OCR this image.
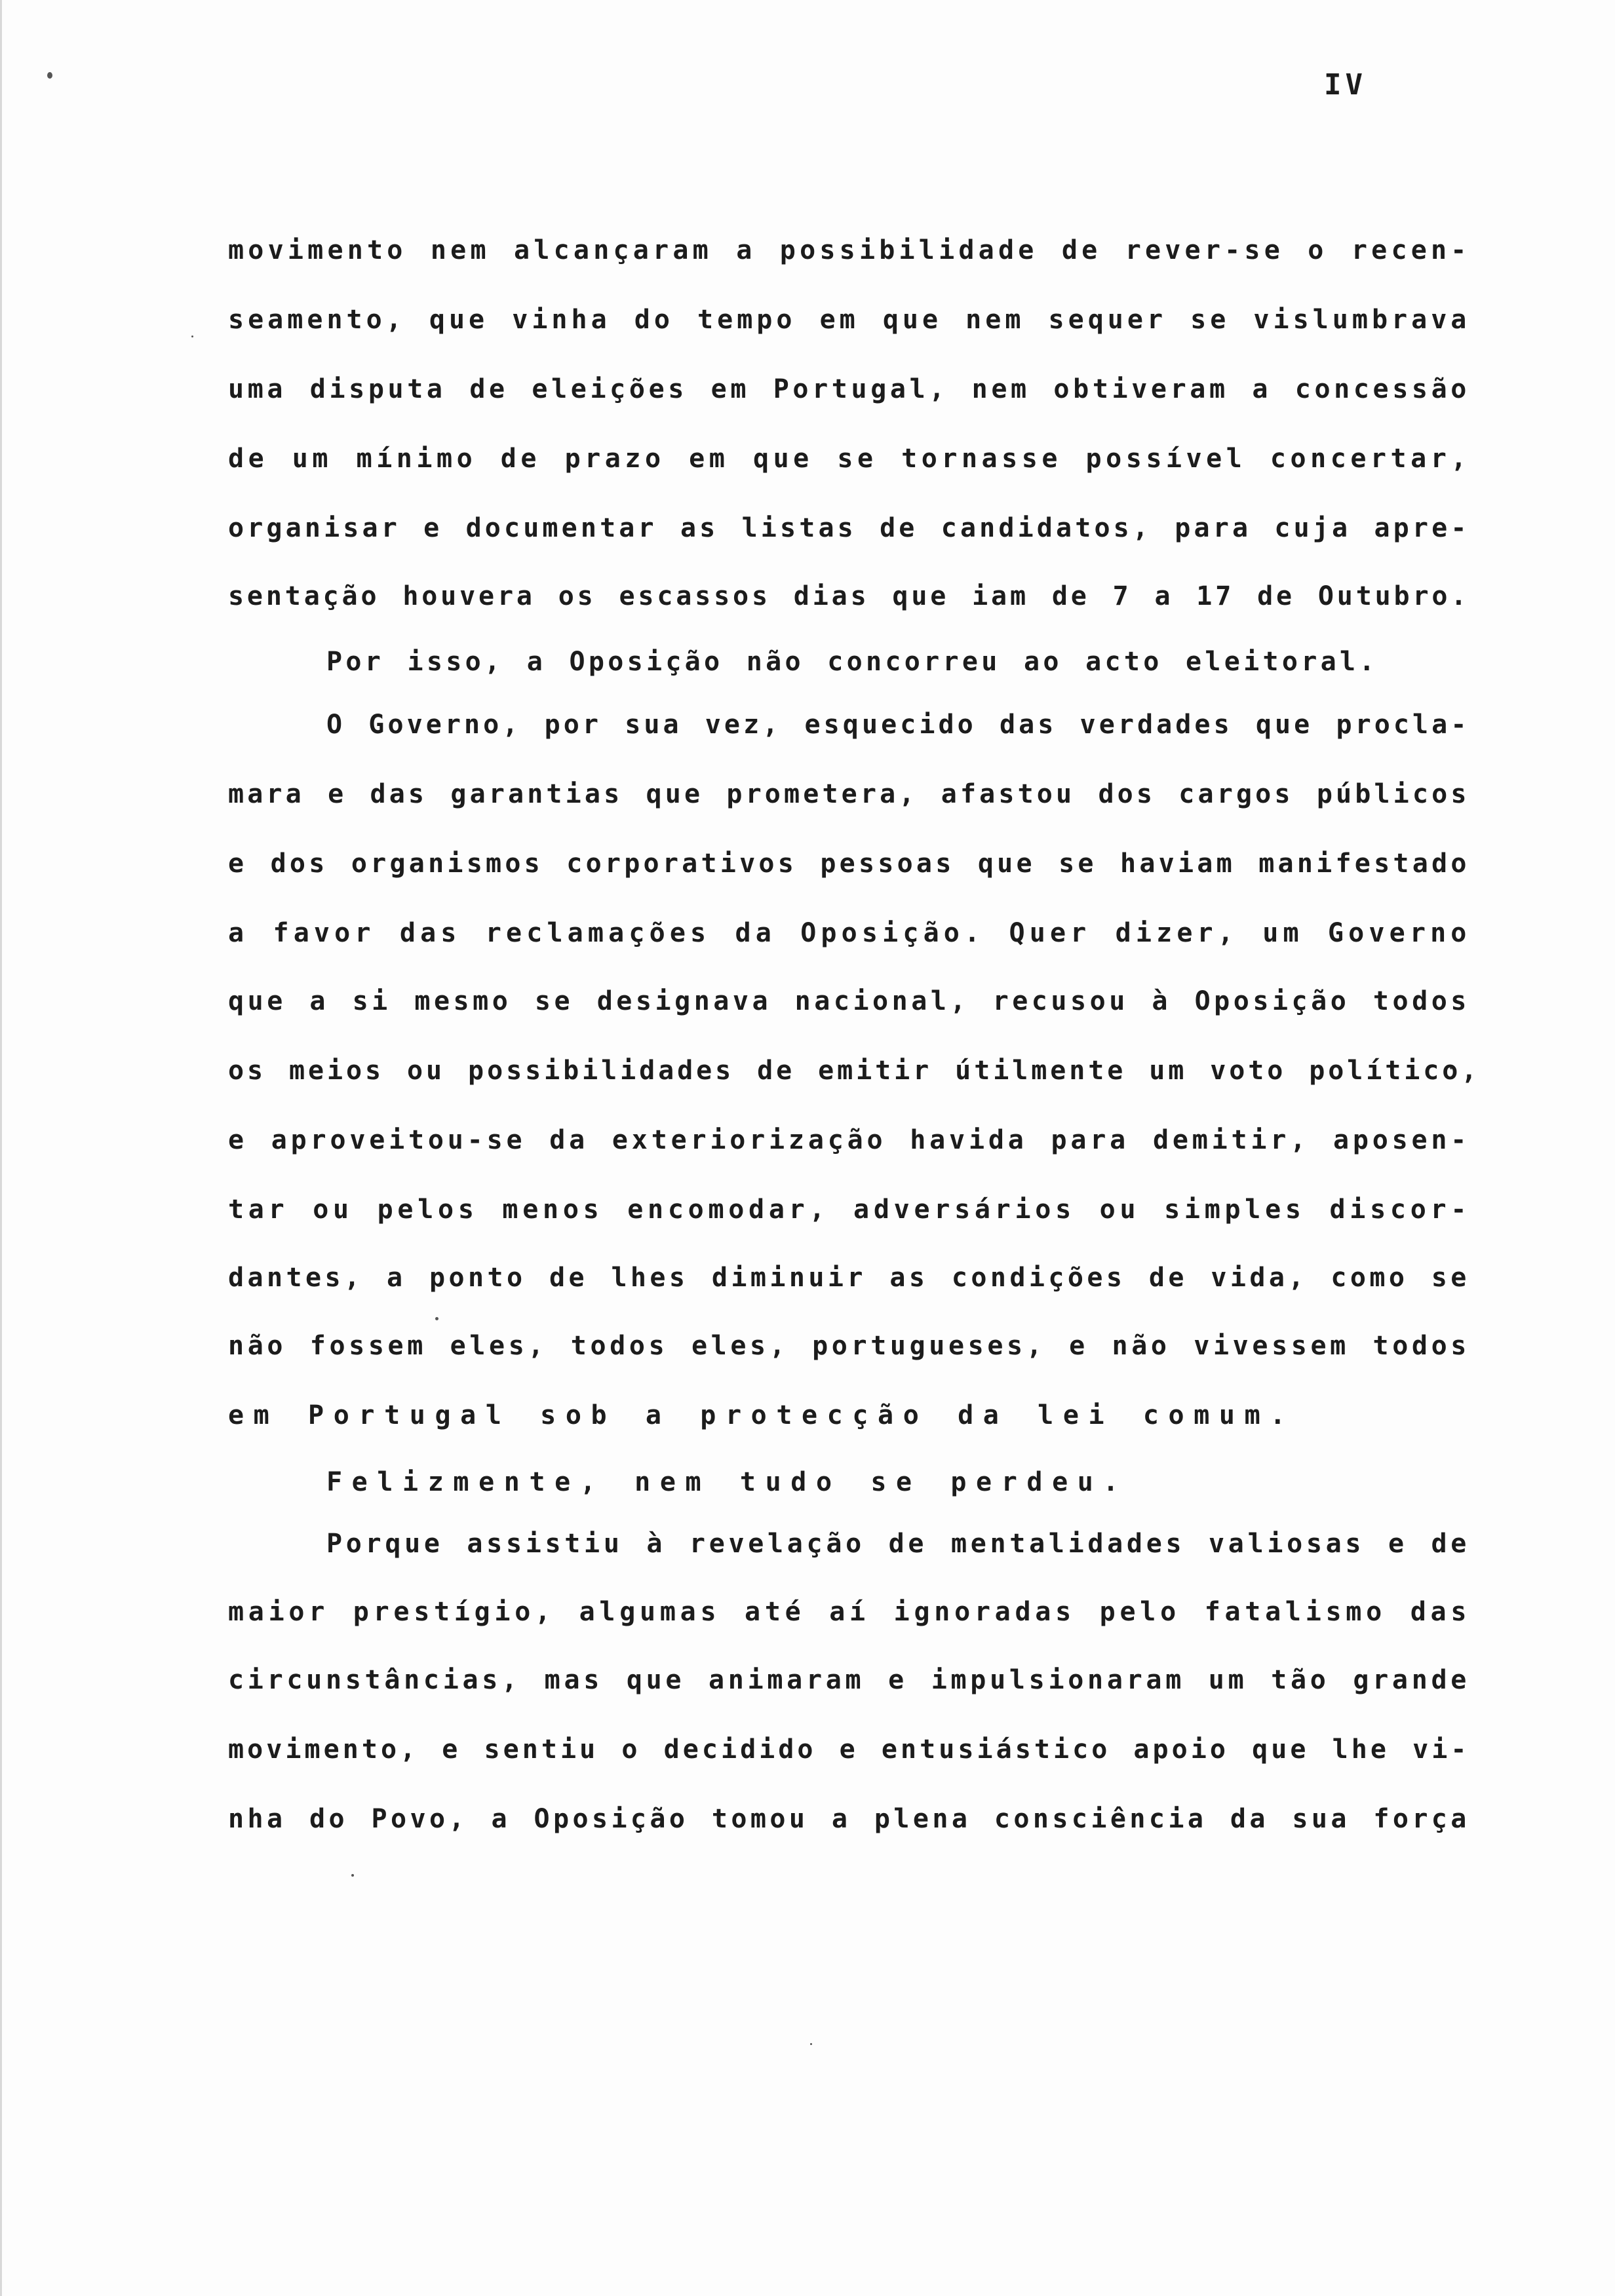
IV
movimento nem alcançaram a possibilidade de rever-se o recen-
seamento, que vinha do tempo em que nem sequer se vislumbrava
uma disputa de eleições em Portugal, nem obtiveram a concessão
de um mínimo de prazo em que se tornasse possível concertar,
organisar e documentar as listas de candidatos, para cuja apre-
sentação houvera os escassos dias que iam de 7 a 17 de Outubro.
Por isso, a Oposição não concorreu ao acto eleitoral.
O Governo, por sua vez, esquecido das verdades que procla-
mara e das garantias que prometera, afastou dos cargos públicos
e dos organismos corporativos pessoas que se haviam manifestado
a favor das reclamações da Oposição. Quer dizer, um Governo
que a si mesmo se designava nacional, recusou à Oposição todos
os meios ou possibilidades de emitir útilmente um voto político,
e aproveitou-se da exteriorização havida para demitir, aposen-
tar ou pelos menos encomodar, adversários ou simples discor-
dantes, a ponto de lhes diminuir as condições de vida, como se
não fossem eles, todos eles, portugueses, e não vivessem todos
em Portugal sob a protecção da lei comum.
Felizmente, nem tudo se perdeu.
Porque assistiu à revelação de mentalidades valiosas e de
maior prestígio, algumas até aí ignoradas pelo fatalismo das
circunstâncias, mas que animaram e impulsionaram um tão grande
movimento, e sentiu o decidido e entusiástico apoio que lhe vi-
nha do Povo, a Oposição tomou a plena consciência da sua força
